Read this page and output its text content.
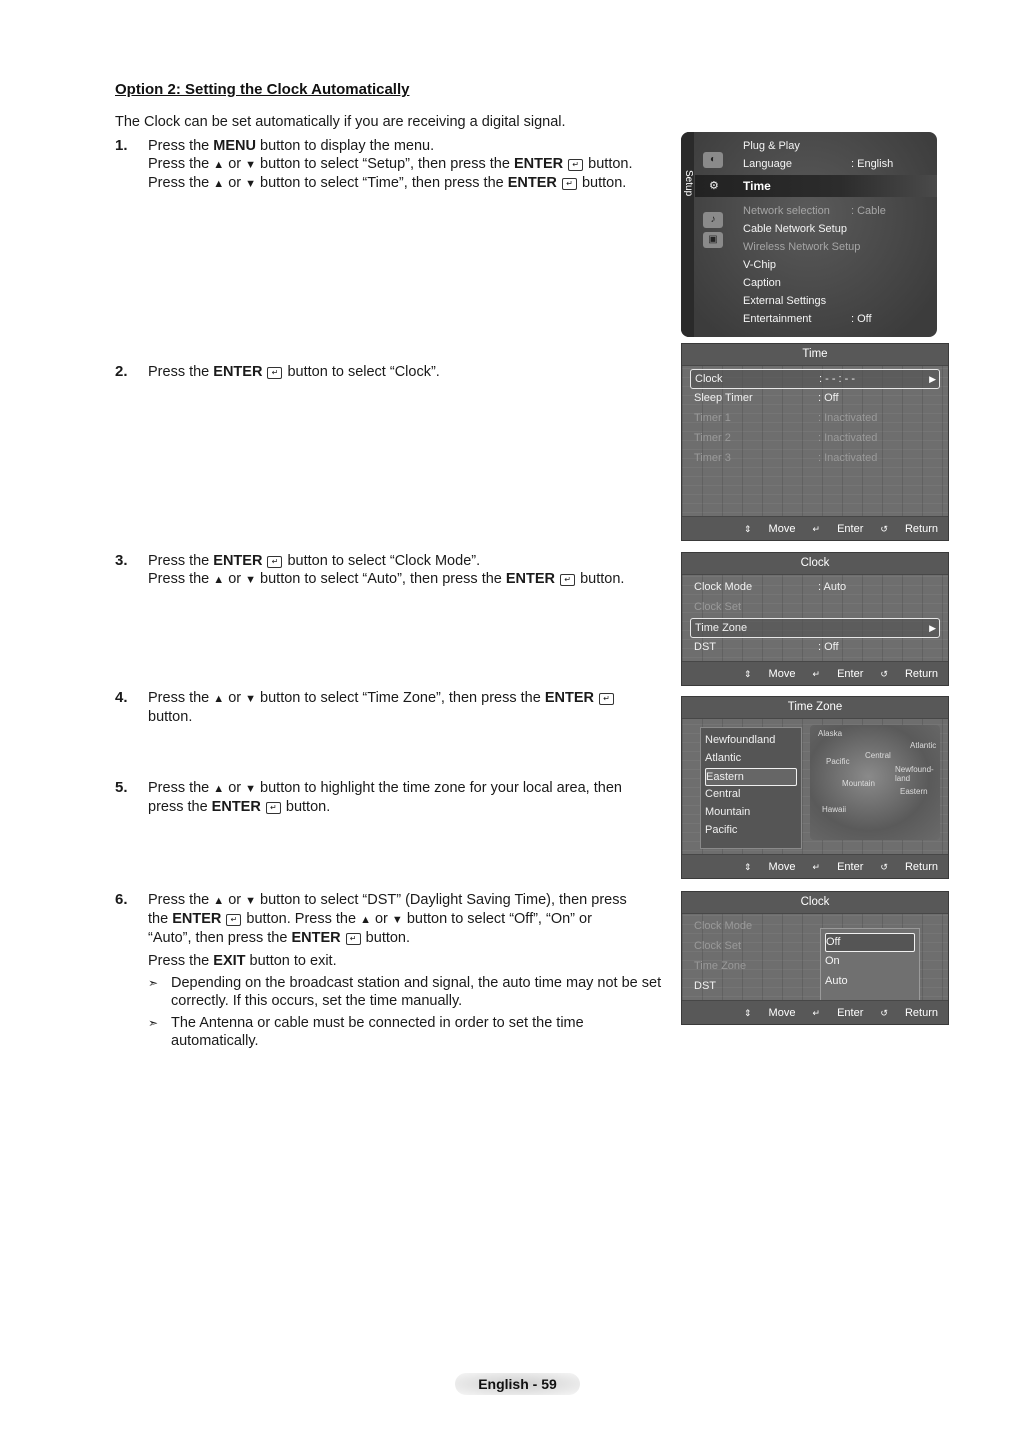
Option 2: Setting the Clock Automatically
The Clock can be set automatically if you are receiving a digital signal.
1. Press the MENU button to display the menu.
Press the ▲ or ▼ button to select “Setup”, then press the ENTER ↵ button.
Press the ▲ or ▼ button to select “Time”, then press the ENTER ↵ button.
2. Press the ENTER ↵ button to select “Clock”.
3. Press the ENTER ↵ button to select “Clock Mode”.
Press the ▲ or ▼ button to select “Auto”, then press the ENTER ↵ button.
4. Press the ▲ or ▼ button to select “Time Zone”, then press the ENTER ↵
button.
5. Press the ▲ or ▼ button to highlight the time zone for your local area, then
press the ENTER ↵ button.
6. Press the ▲ or ▼ button to select “DST” (Daylight Saving Time), then press
the ENTER ↵ button. Press the ▲ or ▼ button to select “Off”, “On” or
“Auto”, then press the ENTER ↵ button.
Press the EXIT button to exit.
➣ Depending on the broadcast station and signal, the auto time may not be set correctly. If this occurs, set the time manually.
➣ The Antenna or cable must be connected in order to set the time automatically.
Setup
◐
♪
▣
Plug & Play
Language	: English
⚙ Time
Network selection : Cable
Cable Network Setup
Wireless Network Setup
V-Chip
Caption
External Settings
Entertainment	: Off
Time
Clock	: - - : - -	▶
Sleep Timer	: Off
Timer 1	: Inactivated
Timer 2	: Inactivated
Timer 3	: Inactivated
⇕ Move ↵ Enter ↺ Return
Clock
Clock Mode	: Auto
Clock Set
Time Zone	▶
DST	: Off
⇕ Move ↵ Enter ↺ Return
Time Zone
Newfoundland
Atlantic
Eastern
Central
Mountain
Pacific
Alaska
Pacific
Central
Mountain
Hawaii
Newfound-land
Eastern
Atlantic
⇕ Move ↵ Enter ↺ Return
Clock
Clock Mode
Clock Set
Time Zone
DST
Off
On
Auto
⇕ Move ↵ Enter ↺ Return
English - 59
